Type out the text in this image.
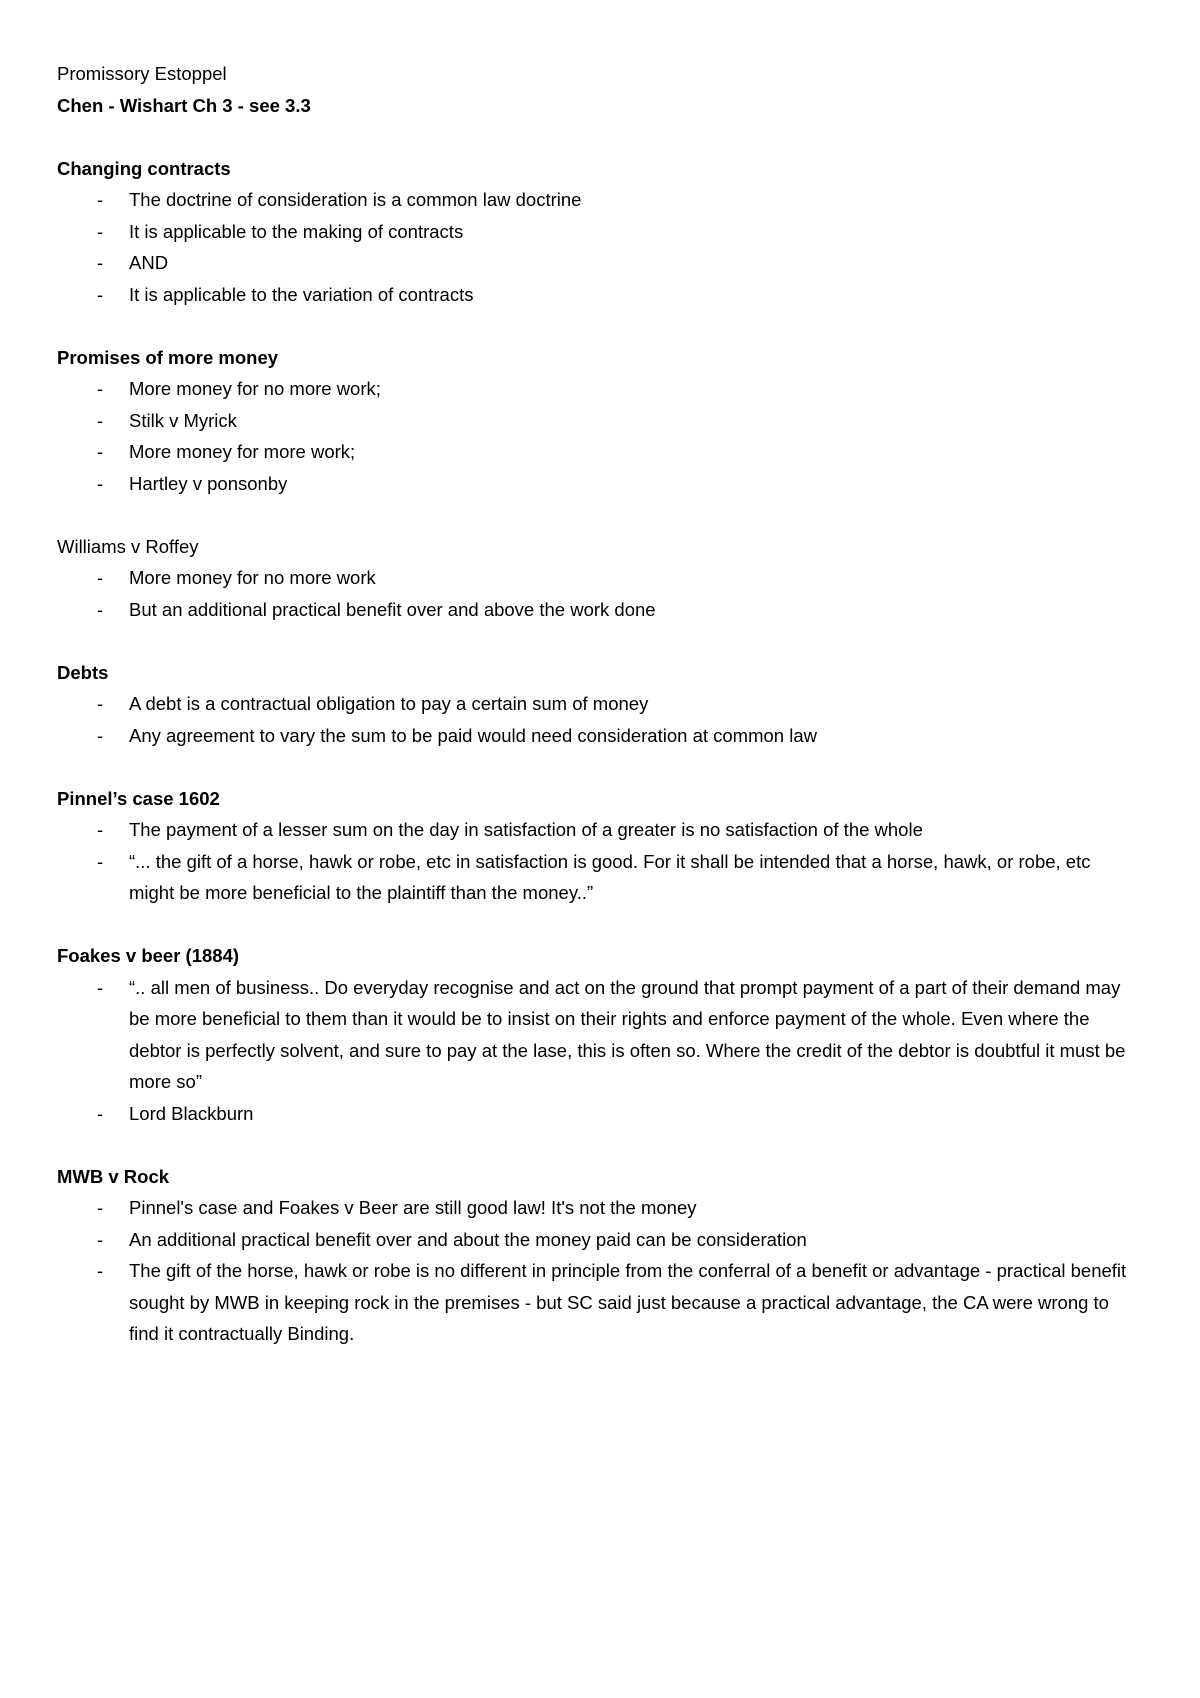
Promissory Estoppel

Chen - Wishart Ch 3 - see 3.3

Changing contracts

- The doctrine of consideration is a common law doctrine
- It is applicable to the making of contracts
- AND
- It is applicable to the variation of contracts

Promises of more money

- More money for no more work;
- Stilk v Myrick
- More money for more work;
- Hartley v ponsonby

Williams v Roffey

- More money for no more work
- But an additional practical benefit over and above the work done

Debts

- A debt is a contractual obligation to pay a certain sum of money
- Any agreement to vary the sum to be paid would need consideration at common law

Pinnel’s case 1602

- The payment of a lesser sum on the day in satisfaction of a greater is no satisfaction of the whole
- “... the gift of a horse, hawk or robe, etc in satisfaction is good. For it shall be intended that a horse, hawk, or robe, etc might be more beneficial to the plaintiff than the money..”

Foakes v beer (1884)

- “.. all men of business.. Do everyday recognise and act on the ground that prompt payment of a part of their demand may be more beneficial to them than it would be to insist on their rights and enforce payment of the whole. Even where the debtor is perfectly solvent, and sure to pay at the lase, this is often so. Where the credit of the debtor is doubtful it must be more so”
- Lord Blackburn

MWB v Rock

- Pinnel's case and Foakes v Beer are still good law! It's not the money
- An additional practical benefit over and about the money paid can be consideration
- The gift of the horse, hawk or robe is no different in principle from the conferral of a benefit or advantage - practical benefit sought by MWB in keeping rock in the premises - but SC said just because a practical advantage, the CA were wrong to find it contractually Binding.
